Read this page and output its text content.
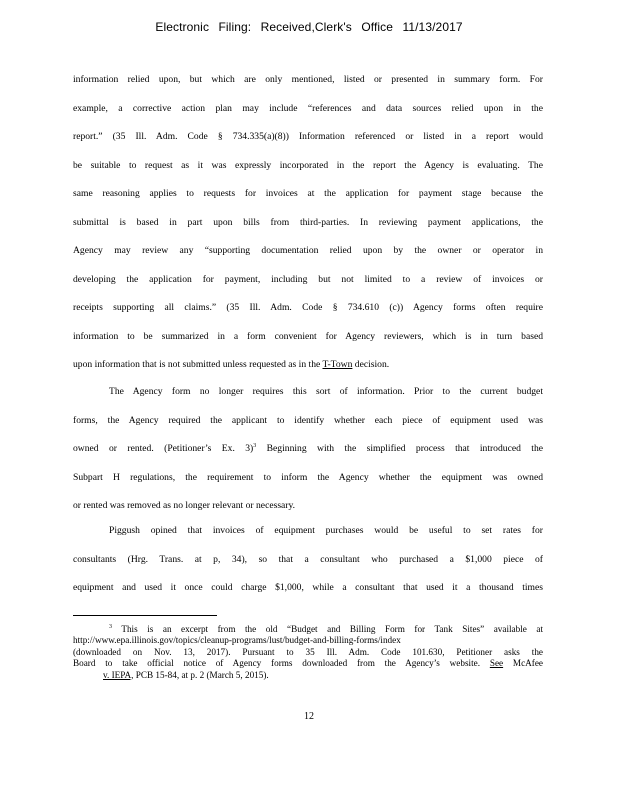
Electronic Filing: Received,Clerk's Office 11/13/2017
information relied upon, but which are only mentioned, listed or presented in summary form. For
example, a corrective action plan may include “references and data sources relied upon in the
report.” (35 Ill. Adm. Code § 734.335(a)(8)) Information referenced or listed in a report would
be suitable to request as it was expressly incorporated in the report the Agency is evaluating. The
same reasoning applies to requests for invoices at the application for payment stage because the
submittal is based in part upon bills from third-parties. In reviewing payment applications, the
Agency may review any “supporting documentation relied upon by the owner or operator in
developing the application for payment, including but not limited to a review of invoices or
receipts supporting all claims.” (35 Ill. Adm. Code § 734.610 (c)) Agency forms often require
information to be summarized in a form convenient for Agency reviewers, which is in turn based
upon information that is not submitted unless requested as in the T-Town decision.
The Agency form no longer requires this sort of information. Prior to the current budget
forms, the Agency required the applicant to identify whether each piece of equipment used was
owned or rented. (Petitioner’s Ex. 3)$^3$ Beginning with the simplified process that introduced the
Subpart H regulations, the requirement to inform the Agency whether the equipment was owned
or rented was removed as no longer relevant or necessary.
Piggush opined that invoices of equipment purchases would be useful to set rates for
consultants (Hrg. Trans. at p, 34), so that a consultant who purchased a $1,000 piece of
equipment and used it once could charge $1,000, while a consultant that used it a thousand times
$^3$ This is an excerpt from the old “Budget and Billing Form for Tank Sites” available at
http://www.epa.illinois.gov/topics/cleanup-programs/lust/budget-and-billing-forms/index
(downloaded on Nov. 13, 2017). Pursuant to 35 Ill. Adm. Code 101.630, Petitioner asks the
Board to take official notice of Agency forms downloaded from the Agency’s website. See McAfee
v. IEPA, PCB 15-84, at p. 2 (March 5, 2015).
12
